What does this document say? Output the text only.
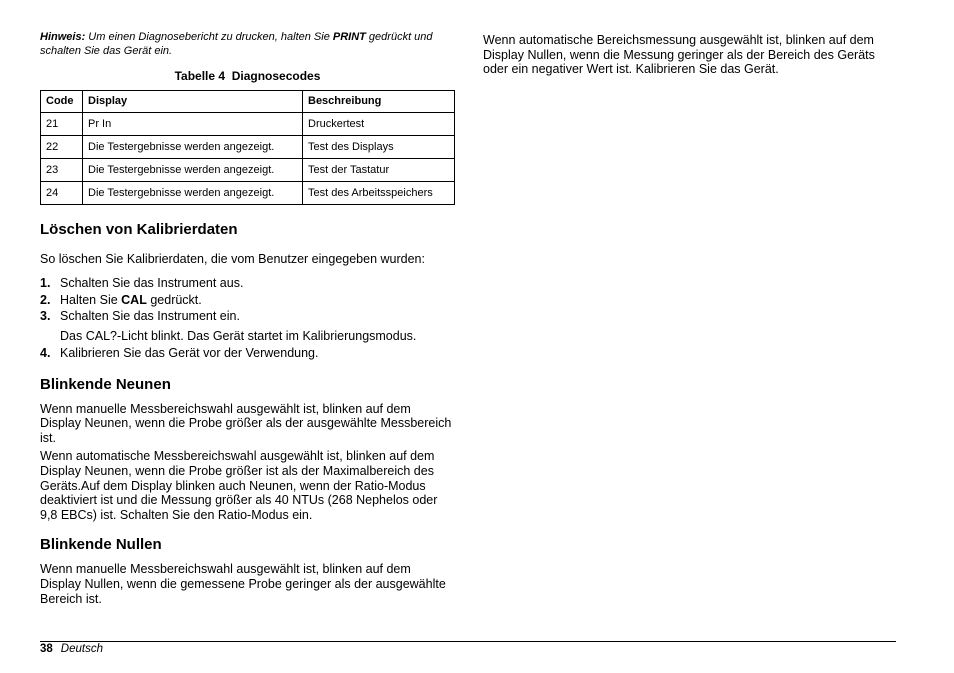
Hinweis: Um einen Diagnosebericht zu drucken, halten Sie PRINT gedrückt und schalten Sie das Gerät ein.

Tabelle 4  Diagnosecodes
Code	Display	Beschreibung
21	Pr In	Druckertest
22	Die Testergebnisse werden angezeigt.	Test des Displays
23	Die Testergebnisse werden angezeigt.	Test der Tastatur
24	Die Testergebnisse werden angezeigt.	Test des Arbeitsspeichers
Löschen von Kalibrierdaten

So löschen Sie Kalibrierdaten, die vom Benutzer eingegeben wurden:

1. Schalten Sie das Instrument aus.
2. Halten Sie CAL gedrückt.
3. Schalten Sie das Instrument ein.
Das CAL?-Licht blinkt. Das Gerät startet im Kalibrierungsmodus.
4. Kalibrieren Sie das Gerät vor der Verwendung.
Blinkende Neunen

Wenn manuelle Messbereichswahl ausgewählt ist, blinken auf dem Display Neunen, wenn die Probe größer als der ausgewählte Messbereich ist.

Wenn automatische Messbereichswahl ausgewählt ist, blinken auf dem Display Neunen, wenn die Probe größer ist als der Maximalbereich des Geräts.Auf dem Display blinken auch Neunen, wenn der Ratio-Modus deaktiviert ist und die Messung größer als 40 NTUs (268 Nephelos oder 9,8 EBCs) ist. Schalten Sie den Ratio-Modus ein.

Blinkende Nullen

Wenn manuelle Messbereichswahl ausgewählt ist, blinken auf dem Display Nullen, wenn die gemessene Probe geringer als der ausgewählte Bereich ist.

Wenn automatische Bereichsmessung ausgewählt ist, blinken auf dem Display Nullen, wenn die Messung geringer als der Bereich des Geräts oder ein negativer Wert ist. Kalibrieren Sie das Gerät.

38 Deutsch
